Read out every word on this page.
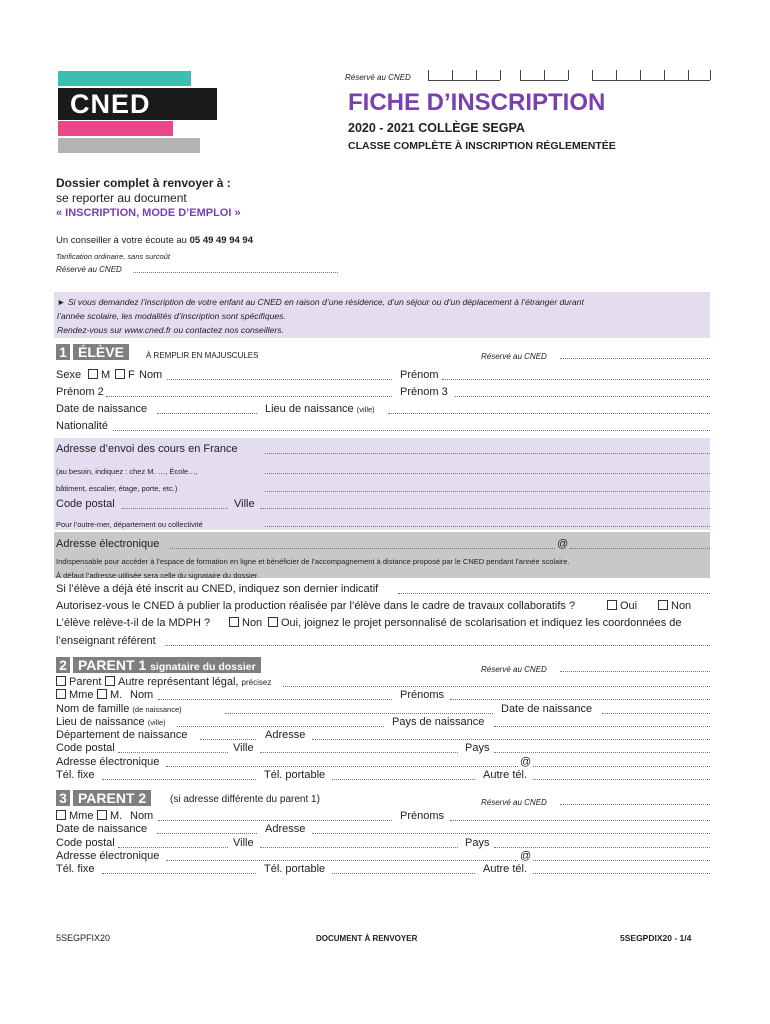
Réservé au CNED
CNED	FICHE D’INSCRIPTION
2020 - 2021 COLLÈGE SEGPA
CLASSE COMPLÈTE À INSCRIPTION RÉGLEMENTÉE
Dossier complet à renvoyer à :
se reporter au document
« INSCRIPTION, MODE D’EMPLOI »
Un conseiller à votre écoute au 05 49 49 94 94
Tarification ordinaire, sans surcoût
Réservé au CNED
► Si vous demandez l’inscription de votre enfant au CNED en raison d’une résidence, d’un séjour ou d’un déplacement à l’étranger durant
l’année scolaire, les modalités d’inscription sont spécifiques.
Rendez-vous sur www.cned.fr ou contactez nos conseillers.
1 ÉLÈVE	À REMPLIR EN MAJUSCULES	Réservé au CNED
Sexe	M	F Nom	Prénom
Prénom 2	Prénom 3
Date de naissance	Lieu de naissance (ville)
Nationalité
Adresse d’envoi des cours en France
(au besoin, indiquez : chez M. …, École…,
bâtiment, escalier, étage, porte, etc.)
Code postal	Ville
Pour l’outre-mer, département ou collectivité
Adresse électronique	@
Indispensable pour accéder à l’espace de formation en ligne et bénéficier de l’accompagnement à distance proposé par le CNED pendant l’année scolaire.
À défaut l’adresse utilisée sera celle du signataire du dossier.
Si l’élève a déjà été inscrit au CNED, indiquez son dernier indicatif
Autorisez-vous le CNED à publier la production réalisée par l’élève dans le cadre de travaux collaboratifs ?	Oui	Non
L’élève relève-t-il de la MDPH ?	Non	Oui, joignez le projet personnalisé de scolarisation et indiquez les coordonnées de
l’enseignant référent
2 PARENT 1 signataire du dossier	Réservé au CNED
Parent	Autre représentant légal, précisez
Mme	M. Nom	Prénoms
Nom de famille (de naissance)	Date de naissance
Lieu de naissance (ville)	Pays de naissance
Département de naissance	Adresse
Code postal	Ville	Pays
Adresse électronique	@
Tél. fixe	Tél. portable	Autre tél.
3 PARENT 2	(si adresse différente du parent 1)	Réservé au CNED
Mme	M. Nom	Prénoms
Date de naissance	Adresse
Code postal	Ville	Pays
Adresse électronique	@
Tél. fixe	Tél. portable	Autre tél.
5SEGPFIX20	DOCUMENT À RENVOYER	5SEGPDIX20 - 1/4
